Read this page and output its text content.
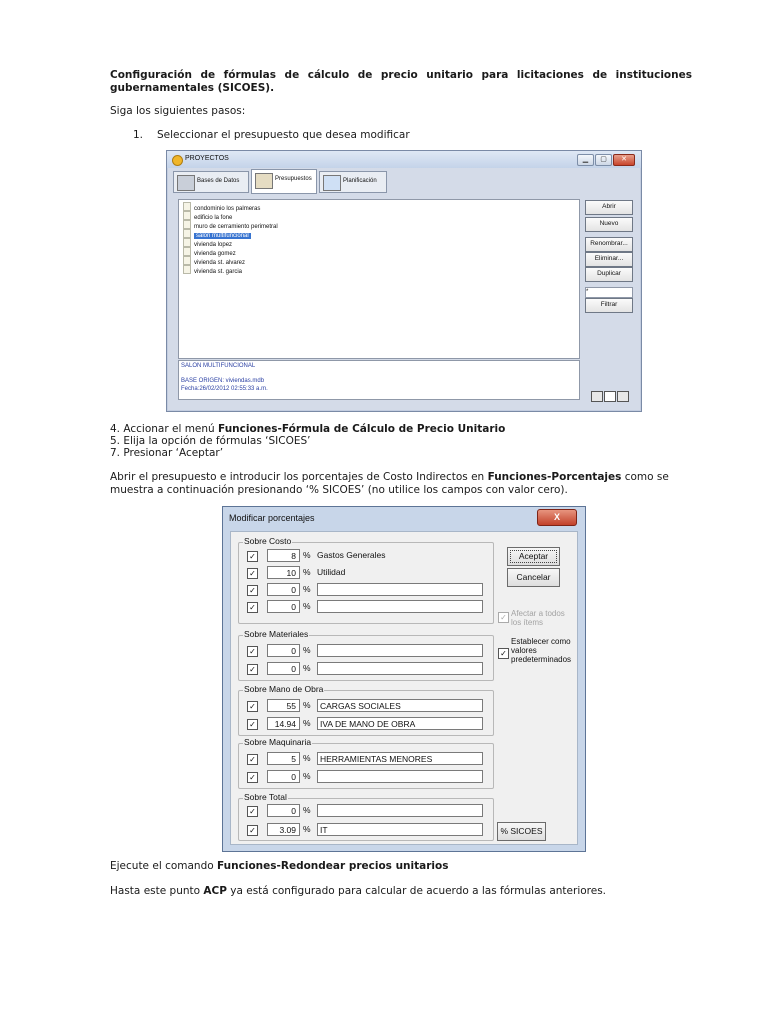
Configuración de fórmulas de cálculo de precio unitario para licitaciones de instituciones gubernamentales (SICOES).
Siga los siguientes pasos:
1. Seleccionar el presupuesto que desea modificar
PROYECTOS	▁	▢	✕
Bases de Datos	Presupuestos	Planificación
condominio los palmeras
edificio la fone
muro de cerramiento perimetral
salon multifuncional
vivienda lopez
vivienda gomez
vivienda st. alvarez
vivienda st. garcia
SALON MULTIFUNCIONAL
BASE ORIGEN: viviendas.mdb
Fecha:26/02/2012 02:55:33 a.m.
Abrir
Nuevo
Renombrar...
Eliminar...
Duplicar
*
Filtrar
4. Accionar el menú Funciones-Fórmula de Cálculo de Precio Unitario
5. Elija la opción de fórmulas ‘SICOES’
7. Presionar ‘Aceptar’
Abrir el presupuesto e introducir los porcentajes de Costo Indirectos en Funciones-Porcentajes como se
muestra a continuación presionando ‘% SICOES’ (no utilice los campos con valor cero).
Modificar porcentajes	X
Sobre Costo
✓	8 % Gastos Generales
✓	10 % Utilidad
✓	0 %
✓	0 %
Sobre Materiales
✓	0 %
✓	0 %
Sobre Mano de Obra
✓	55 %	CARGAS SOCIALES
✓	14.94 %	IVA DE MANO DE OBRA
Sobre Maquinaria
✓	5 %	HERRAMIENTAS MENORES
✓	0 %
Sobre Total
✓	0 %
✓	3.09 %	IT
Aceptar
Cancelar
✓ Afectar a todos
los ítems
✓
Establecer como
valores
predeterminados
% SICOES
Ejecute el comando Funciones-Redondear precios unitarios
Hasta este punto ACP ya está configurado para calcular de acuerdo a las fórmulas anteriores.
